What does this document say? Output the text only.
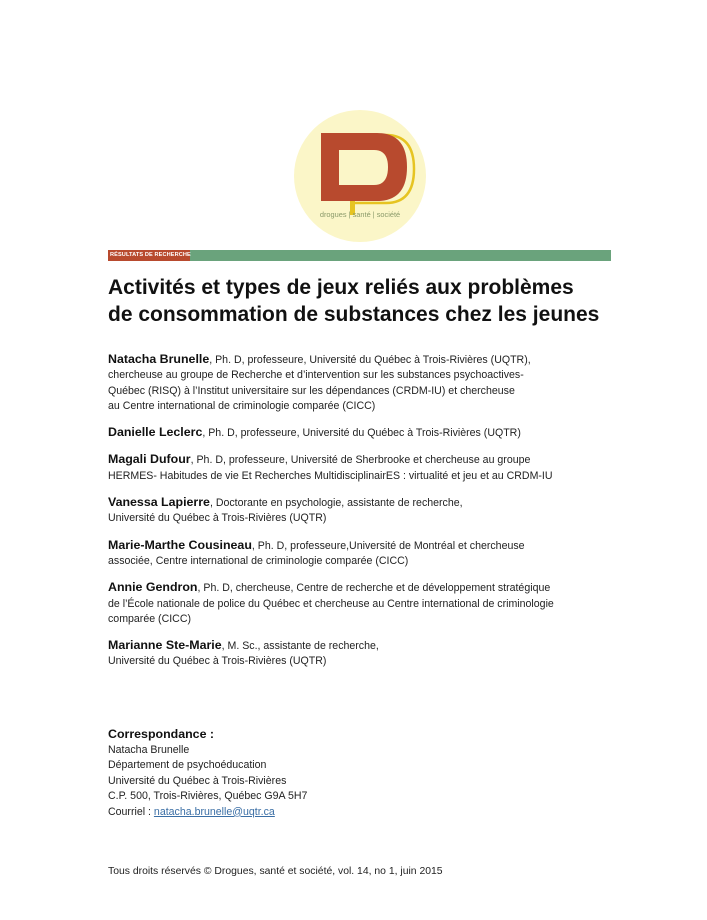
drogues | santé | société
RÉSULTATS DE RECHERCHE
Activités et types de jeux reliés aux problèmes
de consommation de substances chez les jeunes
Natacha Brunelle, Ph. D, professeure, Université du Québec à Trois-Rivières (UQTR),
chercheuse au groupe de Recherche et d’intervention sur les substances psychoactives-
Québec (RISQ) à l’Institut universitaire sur les dépendances (CRDM-IU) et chercheuse
au Centre international de criminologie comparée (CICC)
Danielle Leclerc, Ph. D, professeure, Université du Québec à Trois-Rivières (UQTR)
Magali Dufour, Ph. D, professeure, Université de Sherbrooke et chercheuse au groupe
HERMES- Habitudes de vie Et Recherches MultidisciplinairES : virtualité et jeu et au CRDM-IU
Vanessa Lapierre, Doctorante en psychologie, assistante de recherche,
Université du Québec à Trois-Rivières (UQTR)
Marie-Marthe Cousineau, Ph. D, professeure,Université de Montréal et chercheuse
associée, Centre international de criminologie comparée (CICC)
Annie Gendron, Ph. D, chercheuse, Centre de recherche et de développement stratégique
de l’École nationale de police du Québec et chercheuse au Centre international de criminologie
comparée (CICC)
Marianne Ste-Marie, M. Sc., assistante de recherche,
Université du Québec à Trois-Rivières (UQTR)
Correspondance :
Natacha Brunelle
Département de psychoéducation
Université du Québec à Trois-Rivières
C.P. 500, Trois-Rivières, Québec G9A 5H7
Courriel : natacha.brunelle@uqtr.ca
Tous droits réservés © Drogues, santé et société, vol. 14, no 1, juin 2015
